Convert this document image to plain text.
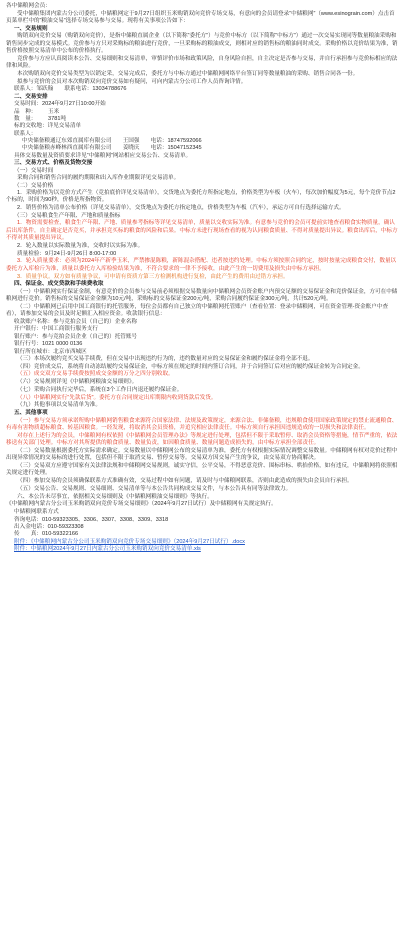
各中储粮网会员：

受中储粮集团内蒙古分公司委托，中储粮网定于9月27日组织玉米购销双向竞价专场交易，有意向的会员请登录“中储粮网”（www.esinograin.com）点击首页菜单栏中的“粮油交易”选择专场交易参与交易。现将有关事项公告如下：

一、交易规则

购销双向竞价交易（购销双向竞价），是指中储粮直属企业（以下简称“委托方”）与竞价中标方（以下简称“中标方”）通过一次交易实现同等数量粮油采购和销售同步完成的交易模式。竞价参与方只对采购标的粮油进行竞价，一旦采购标的粮油成交，则相对应的销售标的粮油同时成交。采购价格以竞价结果为准，销售价格按照交易清单中公布的价格执行。

竞价参与方应认真阅读本公告、交易细则和交易清单，审慎评价市场和政策风险，自身风险自担，自主决定是否参与交易，并自行承担参与竞价标相应的法律和风险。

本次购销双向竞价交易类型为以销定采，交易完成后，委托方与中标方通过中储粮网网络平台签订同等数量粮油的采购、销售合同各一份。

拟参与竞价的会员对本次购销双向竞价交易如有疑问，可向内蒙古分公司工作人员咨询详情。

联系人：邹跃翰　　联系电话：13034788676

二、交易安排

交易时间：2024年9月27日10:00开始

品　种： 玉米

数　量： 3781吨

标的交收地：详见交易清单

联系人：

中央储备粮通辽东郊直属库有限公司　　王国强　　电话：18747592066

中央储备粮赤峰林西直属库有限公司　　姜晓庆　　电话：15047152345

具体交易数量及资质要求详见“中储粮网”网站相应交易公告、交易清单。

三、交易方式、价格及货物交接

（一）交易时间

采购合同和销售合同的履约期限和出入库作业期限详见交易清单。

（二）交易价格

1．采购价格为以竞价方式产生（竞拍底价详见交易清单），交货地点为委托方所指定地点，价格类型为车板（火车），每次加价幅度为5元，每个竞价节点2个标的，时间为90秒，价格是所指物资。

2．销售价格为清单公布价格（详见交易清单），交货地点为委托方指定地点，价格类型为车板（汽车），承运方可自行选择运输方式。

（三）交易粮食生产年限、产地和质量指标

1．物资需要检查，粮食生产年限、产地、质量参考指标等详见交易清单，质量以交收实际为准。有意参与竞价的会员可提前实地查看粮食实物质量，确认后出库条件，自主确定是否竞买，并承担竞买标的粮食的风险和后果。中标方未进行现场查看的视为认同粮食质量、不得对质量提出异议。粮食出库后，中标方不得对其质量提出异议。

2．轮入数量以实际数量为准，交收时以实际为准。

质量检验：9月24日-9月26日 8:00-17:00

3．轮入质量要求：必须为2024年产新季玉米，严禁掺混陈粮，新陈混杂搭配、违者按违约处理。中标方须按照合同约定，按时按量完成粮食交付，数量以委托方入库检斤为准，质量以委托方入库检验结果为准，不符合要求的一律不予接收，由此产生的一切费用及损失由中标方承担。

3．质量争议。双方如有质量争议，可申请有资质方第三方检测机构进行复检，由此产生的费用由过错方承担。

四、保证金、成交贷款和手续费收取

（一）中储粮网实行保证金制，有意竞价的会员参与交易前必须根据交易数量向中储粮网会员资金账户内预交足额的交易保证金和竞价保证金，方可在中储粮网进行竞价。销售标的交易保证金金额为10元/吨，采购标的交易保证金200元/吨，采购合同履约保证金300元/吨，共计520元/吨。

（二）中储粮网已启用中国工商银行的托管服务，每位会员都有自己独立的中储粮网托管账户（查看位置：登录中储粮网，可在资金管理-资金账户中查看），请参加交易的会员及时足额汇入相应资金。收款银行信息：

收款账户名称：参与竞拍会员（自己的）企业名称

开户银行：中国工商银行服务支行

银行账户：参与竞拍会员企业（自己的）托管账号

银行行号：1021 0000 0136

银行所在城市：北京市西城区

（三）本场次履约竞买交易手续费，但在交易中出现违约行为的，违约数量对应的交易保证金和履约保证金将全部不退。

（四）竞价成交后，系统将自动冻结履约交易保证金，中标方须在规定的时间内签订合同，并于合同签订后对应的履约保证金转为合同定金。

（五）成交双方交易手续费按照成交金额的万分之四分别收取。

（六）交易规则详见《中储粮网粮油交易细则》。

（七）采购合同执行完毕后，系统在3个工作日内退还履约保证金。

（八）中储粮网实行“先款后货”。委托方在合同规定出库期限内收到货款后发货。

（九）其他事项以交易清单为准。

五、其他事项

（一）参与交易方须承诺所购中储粮网销售粮食来源符合国家法律、法规及政策规定，来源合法、非储备粮，违规粮食使用国家政策规定的禁止流通粮食、有毒有害物质超标粮食、转基因粮食。一经发现，将取消其会员资格，并追究相应法律责任。中标方须自行承担因违规造成的一切损失和法律责任。

对存在上述行为的会员，中储粮网有权依照《中储粮网会员管理办法》等规定进行处理，包括但不限于采取暂停、取消会员资格等措施，情节严重的，依法移送有关部门处理。中标方对其所提供的粮食质量、数量负责，如因粮食质量、数量问题造成损失的，由中标方承担全部责任。

（二）交易数量根据委托方实际需求确定。交易数量以中储粮网公布的交易清单为准，委托方有权根据实际情况调整交易数量。中储粮网有权对竞价过程中出现异常情况的交易标的进行处置，包括但不限于取消交易、暂停交易等。交易双方因交易产生的争议，由交易双方协商解决。

（三）交易双方应遵守国家有关法律法规和中储粮网交易规则，诚实守信，公平交易，不得恶意竞价、围标串标、哄抬价格，如有违反，中储粮网将依照相关规定进行处理。

（四）参加交易的会员须确保联系方式准确有效，交易过程中如有问题，请及时与中储粮网联系，否则由此造成的损失由会员自行承担。

（五）交易公告、交易规则、交易细则、交易清单等与本公告共同构成交易文件，与本公告具有同等法律效力。

六、本公告未尽事宜，依据相关交易细则及《中储粮网粮油交易细则》等执行。

《中储粮网内蒙古分公司玉米购销双向竞价专场交易细则》（2024年9月27日试行）及中储粮网有关规定执行。

中储粮网联系方式

咨询电话：010-59323305、3306、3307、3308、3309、3318

出入金电话：010-59323308

传　　真：010-59322166

附件：《中储粮网内蒙古分公司玉米购销双向竞价专场交易细则》（2024年9月27日试行）.docx

附件：中储粮网2024年9月27日内蒙古分公司玉米购销双向竞价交易清单.xls
